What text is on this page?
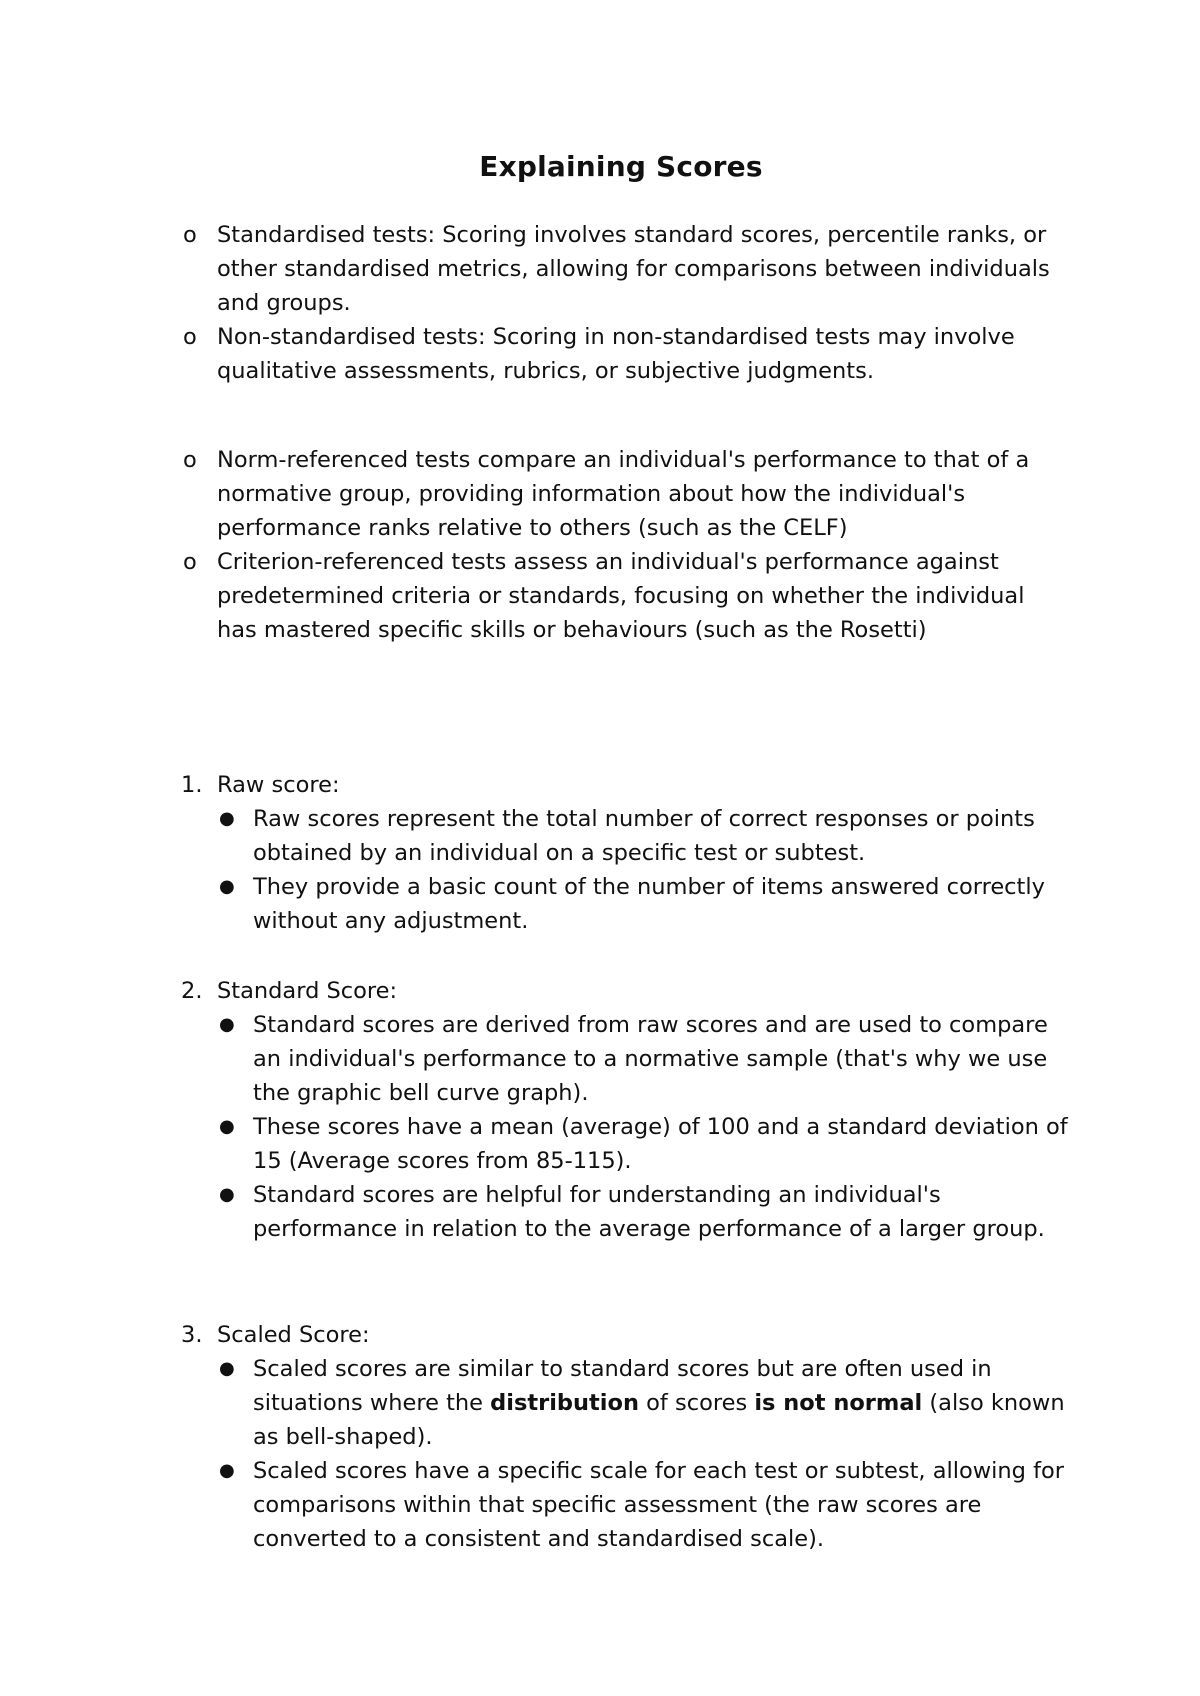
Explaining Scores
o Standardised tests: Scoring involves standard scores, percentile ranks, or other standardised metrics, allowing for comparisons between individuals and groups.
o Non-standardised tests: Scoring in non-standardised tests may involve qualitative assessments, rubrics, or subjective judgments.
o Norm-referenced tests compare an individual's performance to that of a normative group, providing information about how the individual's performance ranks relative to others (such as the CELF)
o Criterion-referenced tests assess an individual's performance against predetermined criteria or standards, focusing on whether the individual has mastered specific skills or behaviours (such as the Rosetti)
1. Raw score:
● Raw scores represent the total number of correct responses or points obtained by an individual on a specific test or subtest.
● They provide a basic count of the number of items answered correctly without any adjustment.
2. Standard Score:
● Standard scores are derived from raw scores and are used to compare an individual's performance to a normative sample (that's why we use the graphic bell curve graph).
● These scores have a mean (average) of 100 and a standard deviation of 15 (Average scores from 85-115).
● Standard scores are helpful for understanding an individual's performance in relation to the average performance of a larger group.
3. Scaled Score:
● Scaled scores are similar to standard scores but are often used in situations where the distribution of scores is not normal (also known as bell-shaped).
● Scaled scores have a specific scale for each test or subtest, allowing for comparisons within that specific assessment (the raw scores are converted to a consistent and standardised scale).
